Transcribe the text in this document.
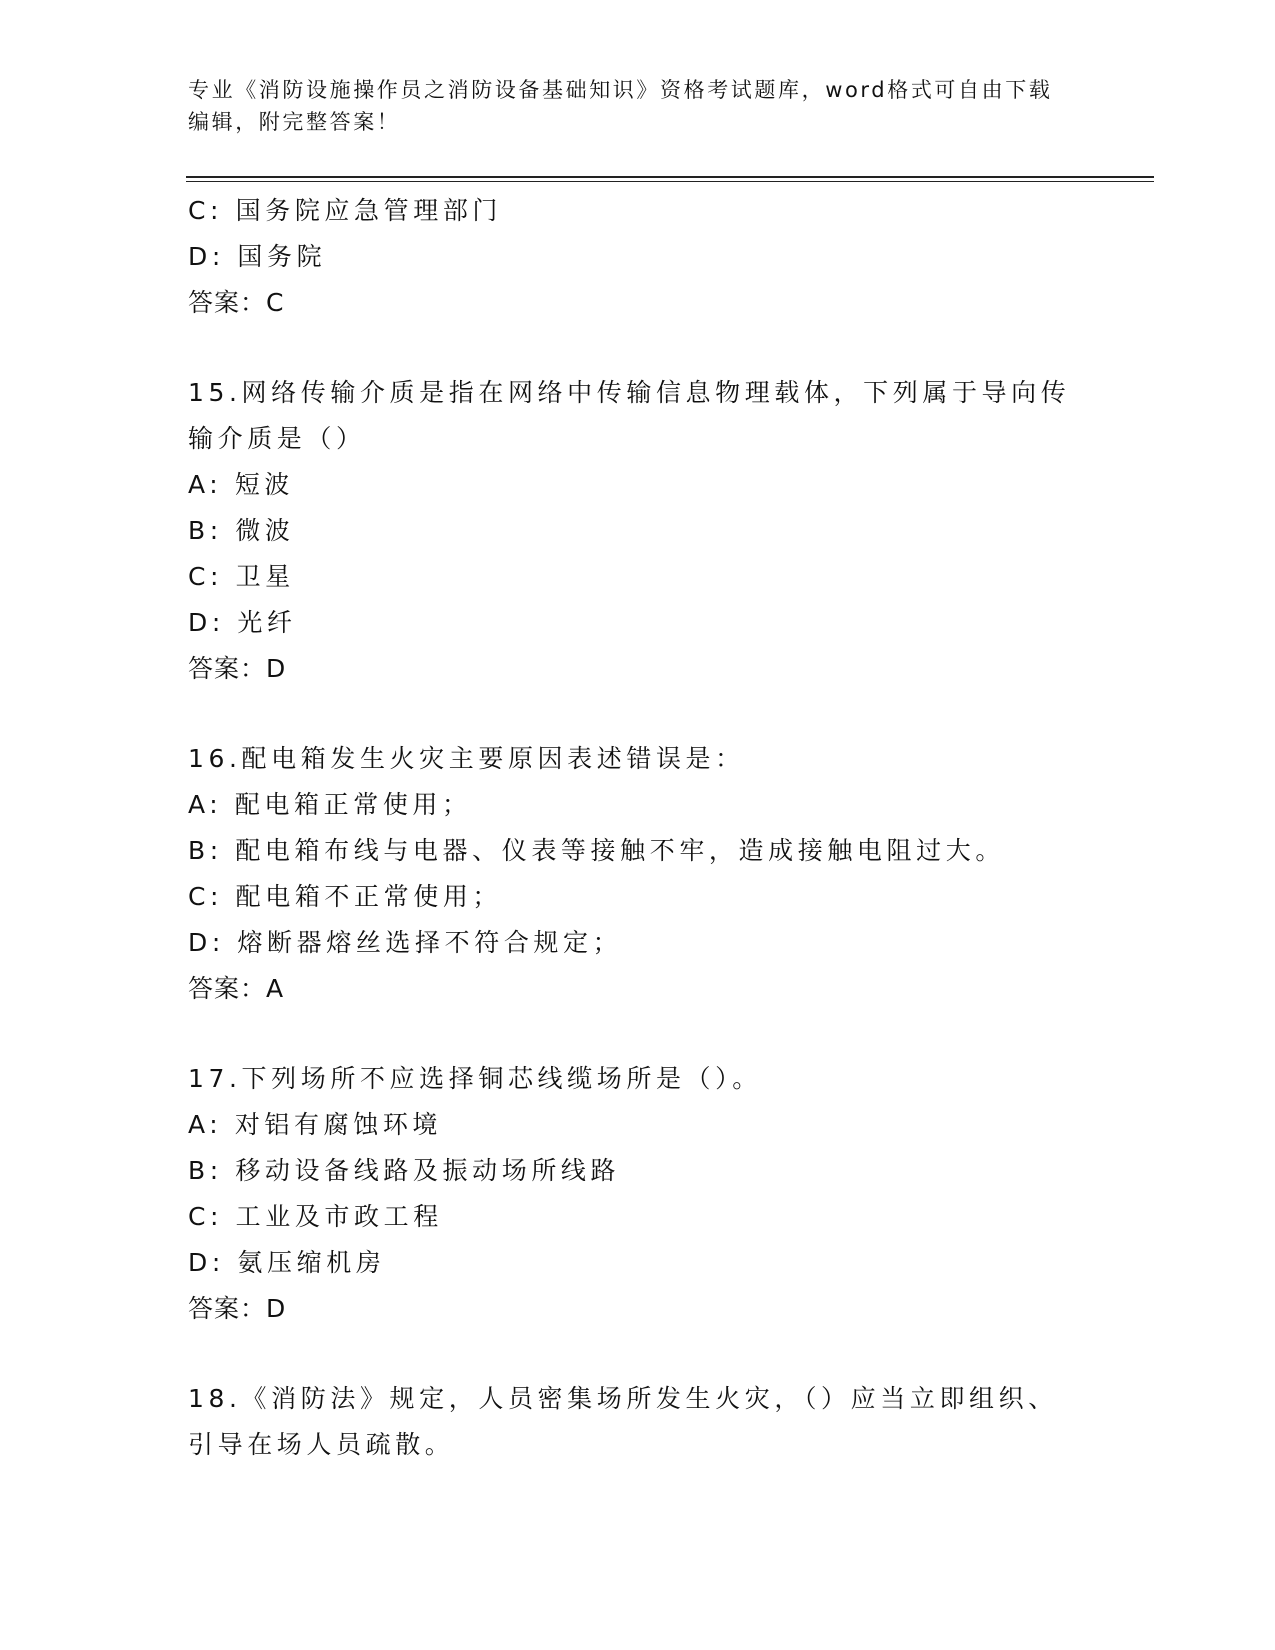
专业《消防设施操作员之消防设备基础知识》资格考试题库，word格式可自由下载编辑，附完整答案！

C: 国务院应急管理部门
D: 国务院
答案：C
15.网络传输介质是指在网络中传输信息物理载体，下列属于导向传输介质是（）
A: 短波
B: 微波
C: 卫星
D: 光纤
答案：D
16.配电箱发生火灾主要原因表述错误是：
A: 配电箱正常使用；
B: 配电箱布线与电器、仪表等接触不牢，造成接触电阻过大。
C: 配电箱不正常使用；
D: 熔断器熔丝选择不符合规定；
答案：A
17.下列场所不应选择铜芯线缆场所是（）。
A: 对铝有腐蚀环境
B: 移动设备线路及振动场所线路
C: 工业及市政工程
D: 氨压缩机房
答案：D
18.《消防法》规定，人员密集场所发生火灾，（）应当立即组织、引导在场人员疏散。
